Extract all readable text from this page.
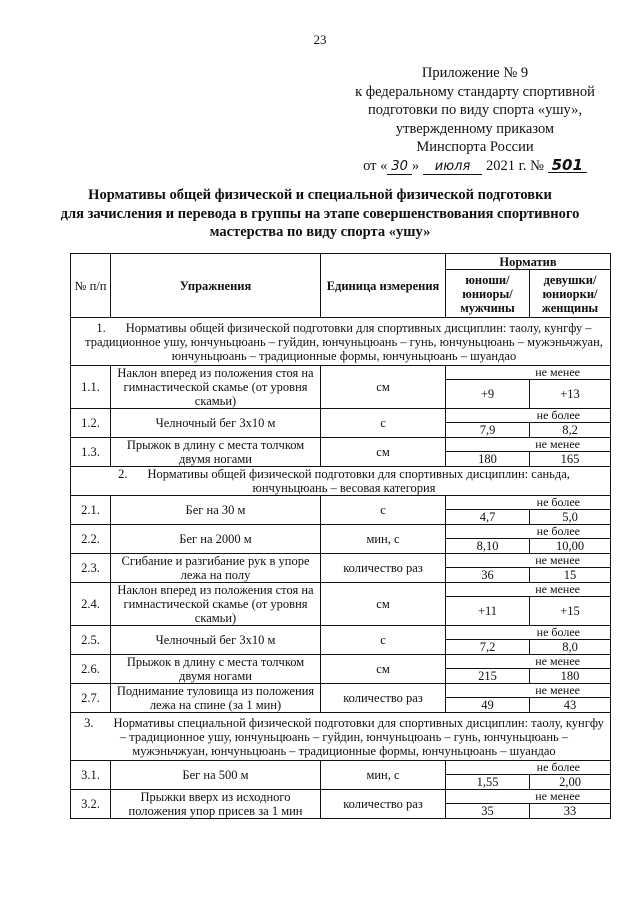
23
Приложение № 9
к федеральному стандарту спортивной
подготовки по виду спорта «ушу»,
утвержденному приказом
Минспорта России
от « 30 » июля 2021 г. № 501
Нормативы общей физической и специальной физической подготовки
для зачисления и перевода в группы на этапе совершенствования спортивного
мастерства по виду спорта «ушу»
№ п/п	Упражнения	Единица измерения	Норматив	
			юноши/ юниоры/ мужчины	девушки/ юниорки/ женщины
1. Нормативы общей физической подготовки для спортивных дисциплин: таолу, кунгфу – традиционное ушу, юнчуньцюань – гуйдин, юнчуньцюань – гунь, юнчуньцюань – мужэньчжуан, юнчуньцюань – традиционные формы, юнчуньцюань – шуандао				
1.1.	Наклон вперед из положения стоя на гимнастической скамье (от уровня скамьи)	см	не менее	
			+9	+13
1.2.	Челночный бег 3x10 м	с	не более	
			7,9	8,2
1.3.	Прыжок в длину с места толчком двумя ногами	см	не менее	
			180	165
2. Нормативы общей физической подготовки для спортивных дисциплин: саньда, юнчуньцюань – весовая категория				
2.1.	Бег на 30 м	с	не более	
			4,7	5,0
2.2.	Бег на 2000 м	мин, с	не более	
			8,10	10,00
2.3.	Сгибание и разгибание рук в упоре лежа на полу	количество раз	не менее	
			36	15
2.4.	Наклон вперед из положения стоя на гимнастической скамье (от уровня скамьи)	см	не менее	
			+11	+15
2.5.	Челночный бег 3x10 м	с	не более	
			7,2	8,0
2.6.	Прыжок в длину с места толчком двумя ногами	см	не менее	
			215	180
2.7.	Поднимание туловища из положения лежа на спине (за 1 мин)	количество раз	не менее	
			49	43
3. Нормативы специальной физической подготовки для спортивных дисциплин: таолу, кунгфу – традиционное ушу, юнчуньцюань – гуйдин, юнчуньцюань – гунь, юнчуньцюань – мужэньчжуан, юнчуньцюань – традиционные формы, юнчуньцюань – шуандао				
3.1.	Бег на 500 м	мин, с	не более	
			1,55	2,00
3.2.	Прыжки вверх из исходного положения упор присев за 1 мин	количество раз	не менее	
			35	33
